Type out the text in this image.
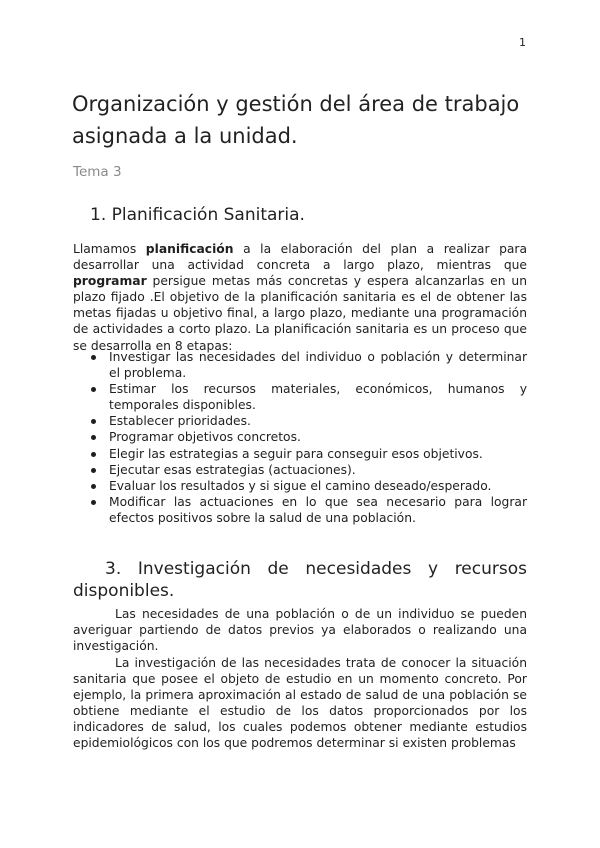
1
Organización y gestión del área de trabajo asignada a la unidad.

Tema 3

1. Planificación Sanitaria.

Llamamos planificación a la elaboración del plan a realizar para desarrollar una actividad concreta a largo plazo, mientras que programar persigue metas más concretas y espera alcanzarlas en un plazo fijado .El objetivo de la planificación sanitaria es el de obtener las metas fijadas u objetivo final, a largo plazo, mediante una programación de actividades a corto plazo. La planificación sanitaria es un proceso que se desarrolla en 8 etapas:

Investigar las necesidades del individuo o población y determinar el problema.
Estimar los recursos materiales, económicos, humanos y temporales disponibles.
Establecer prioridades.
Programar objetivos concretos.
Elegir las estrategias a seguir para conseguir esos objetivos.
Ejecutar esas estrategias (actuaciones).
Evaluar los resultados y si sigue el camino deseado/esperado.
Modificar las actuaciones en lo que sea necesario para lograr efectos positivos sobre la salud de una población.
3. Investigación de necesidades y recursos disponibles.

Las necesidades de una población o de un individuo se pueden averiguar partiendo de datos previos ya elaborados o realizando una investigación.

La investigación de las necesidades trata de conocer la situación sanitaria que posee el objeto de estudio en un momento concreto. Por ejemplo, la primera aproximación al estado de salud de una población se obtiene mediante el estudio de los datos proporcionados por los indicadores de salud, los cuales podemos obtener mediante estudios epidemiológicos con los que podremos determinar si existen problemas
